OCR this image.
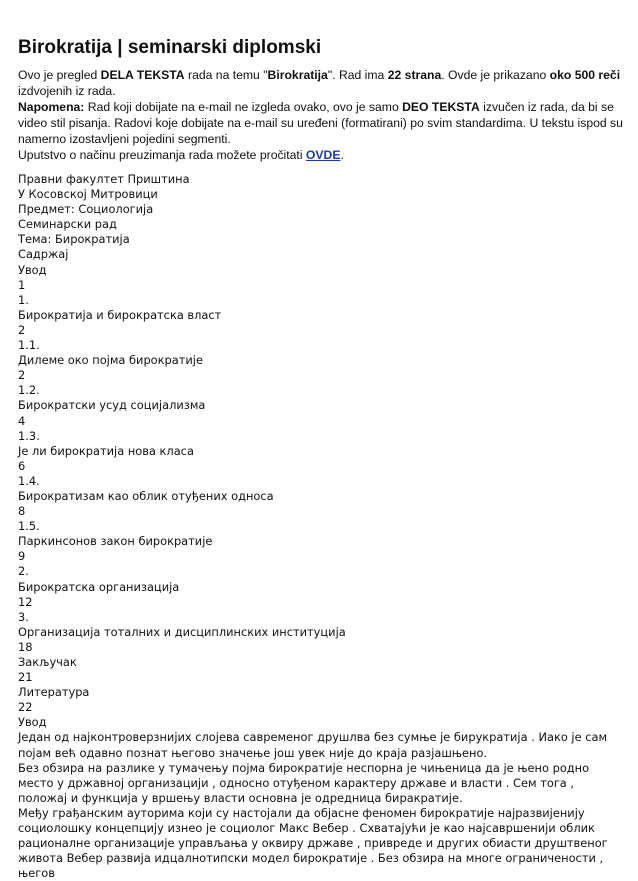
Birokratija | seminarski diplomski

Ovo je pregled DELA TEKSTA rada na temu "Birokratija". Rad ima 22 strana. Ovde je prikazano oko 500 reči izdvojenih iz rada.

Napomena: Rad koji dobijate na e-mail ne izgleda ovako, ovo je samo DEO TEKSTA izvučen iz rada, da bi se video stil pisanja. Radovi koje dobijate na e-mail su uređeni (formatirani) po svim standardima. U tekstu ispod su namerno izostavljeni pojedini segmenti.

Uputstvo o načinu preuzimanja rada možete pročitati OVDE.

Правни факултет Приштина
У Косовској Митровици
Предмет: Социологија
Семинарски рад
Тема: Бирократија
Садржај
Увод
1
1.
Бирократија и бирократска власт
2
1.1.
Дилеме око појма бирократије
2
1.2.
Бирократски усуд социјализма
4
1.3.
Је ли бирократија нова класа
6
1.4.
Бирократизам као облик отуђених односа
8
1.5.
Паркинсонов закон бирократије
9
2.
Бирократска организација
12
3.
Организација тоталних и дисциплинских институција
18
Закључак
21
Литература
22
Увод
Један од најконтроверзнијих слојева савременог друшлва без сумње је бирукратија . Иако је сам појам већ одавно познат његово значење још увек није до краја разјашњено.
Без обзира на разлике у тумачењу појма бирократије неспорна је чињеница да је њено родно место у државној организацији , односно отуђеном карактеру државе и власти . Сем тога , положај и функција у вршењу власти основна је одредница биракратије.
Међу грађанским ауторима који су настојали да објасне феномен бирократије најразвијенију социолошку концепцију изнео је социолог Макс Вебер . Схватајући је као најсавршенији облик рационалне организације управљања у оквиру државе , привреде и других обиасти друштвеног живота Вебер развија идцалнотипски модел бирократије . Без обзира на многе ограничености , његов
